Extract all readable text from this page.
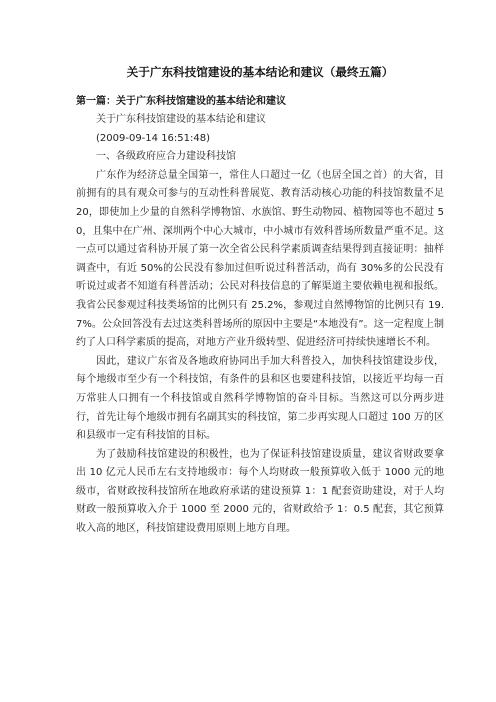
关于广东科技馆建设的基本结论和建议（最终五篇）
第一篇：关于广东科技馆建设的基本结论和建议

关于广东科技馆建设的基本结论和建议

(2009-09-14 16:51:48)

一、各级政府应合力建设科技馆

广东作为经济总量全国第一，常住人口超过一亿（也居全国之首）的大省，目前拥有的具有观众可参与的互动性科普展览、教育活动核心功能的科技馆数量不足 20，即使加上少量的自然科学博物馆、水族馆、野生动物园、植物园等也不超过 50，且集中在广州、深圳两个中心大城市，中小城市有效科普场所数量严重不足。这一点可以通过省科协开展了第一次全省公民科学素质调查结果得到直接证明：抽样调查中，有近 50%的公民没有参加过但听说过科普活动，尚有 30%多的公民没有听说过或者不知道有科普活动；公民对科技信息的了解渠道主要依赖电视和报纸。我省公民参观过科技类场馆的比例只有 25.2%，参观过自然博物馆的比例只有 19.7%。公众回答没有去过这类科普场所的原因中主要是“本地没有”。这一定程度上制约了人口科学素质的提高，对地方产业升级转型、促进经济可持续快速增长不利。

因此，建议广东省及各地政府协同出手加大科普投入，加快科技馆建设步伐，每个地级市至少有一个科技馆，有条件的县和区也要建科技馆，以接近平均每一百万常驻人口拥有一个科技馆或自然科学博物馆的奋斗目标。当然这可以分两步进行，首先让每个地级市拥有名副其实的科技馆，第二步再实现人口超过 100 万的区和县级市一定有科技馆的目标。

为了鼓励科技馆建设的积极性，也为了保证科技馆建设质量，建议省财政要拿出 10 亿元人民币左右支持地级市：每个人均财政一般预算收入低于 1000 元的地级市，省财政按科技馆所在地政府承诺的建设预算 1：1 配套资助建设，对于人均财政一般预算收入介于 1000 至 2000 元的，省财政给予 1：0.5 配套，其它预算收入高的地区，科技馆建设费用原则上地方自理。
